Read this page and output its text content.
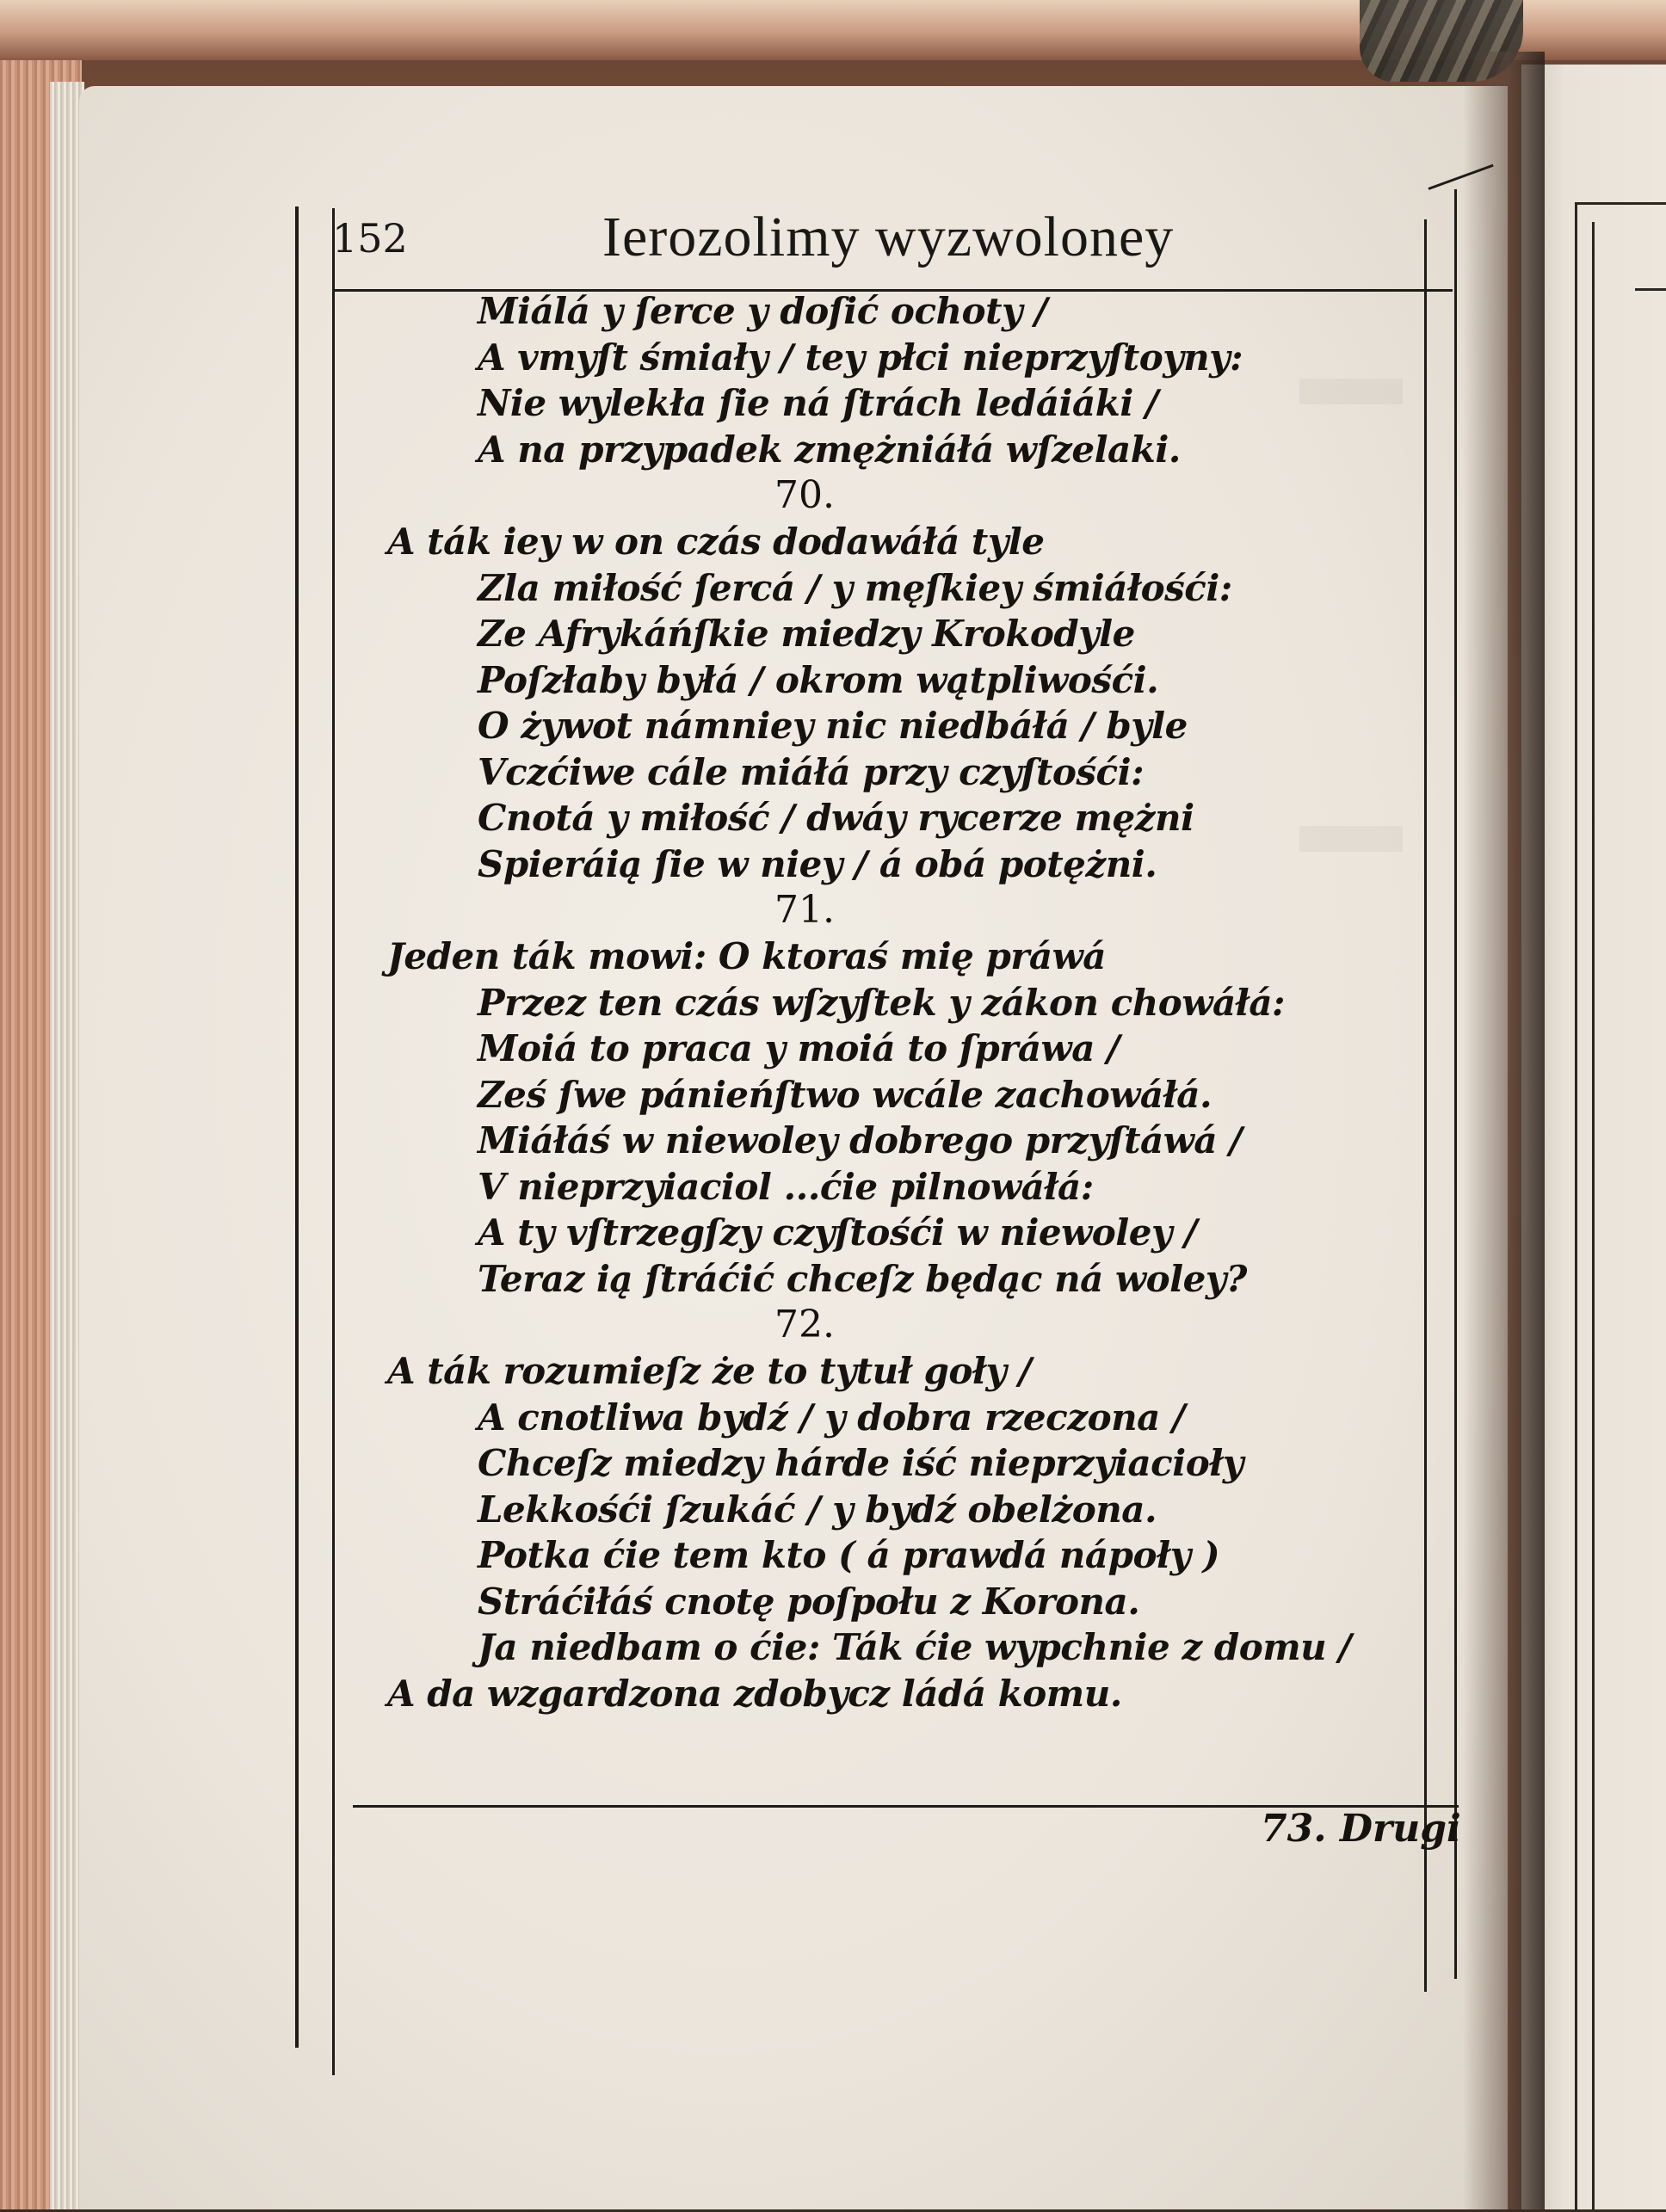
152	Ierozolimy wyzwoloney
Miálá y ſerce y doſić ochoty /
A vmyſt śmiały / tey płci nieprzyſtoyny:
Nie wylekła ſie ná ſtrách ledáiáki /
A na przypadek zmężniáłá wſzelaki.
70.
A ták iey w on czás dodawáłá tyle
Zla miłość ſercá / y męſkiey śmiáłośći:
Ze Afrykáńſkie miedzy Krokodyle
Poſzłaby byłá / okrom wątpliwośći.
O żywot námniey nic niedbáłá / byle
Vczćiwe cále miáłá przy czyſtośći:
Cnotá y miłość / dwáy rycerze mężni
Spieráią ſie w niey / á obá potężni.
71.
Jeden ták mowi: O ktoraś mię práwá
Przez ten czás wſzyſtek y zákon chowáłá:
Moiá to praca y moiá to ſpráwa /
Ześ ſwe pánieńſtwo wcále zachowáłá.
Miáłáś w niewoley dobrego przyſtáwá /
V nieprzyiaciol ...ćie pilnowáłá:
A ty vſtrzegſzy czyſtośći w niewoley /
Teraz ią ſtráćić chceſz będąc ná woley?
72.
A ták rozumieſz że to tytuł goły /
A cnotliwa bydź / y dobra rzeczona /
Chceſz miedzy hárde iść nieprzyiacioły
Lekkośći ſzukáć / y bydź obelżona.
Potka ćie tem kto ( á prawdá nápoły )
Stráćiłáś cnotę poſpołu z Korona.
Ja niedbam o ćie: Ták ćie wypchnie z domu /
A da wzgardzona zdobycz ládá komu.
73. Drugi
